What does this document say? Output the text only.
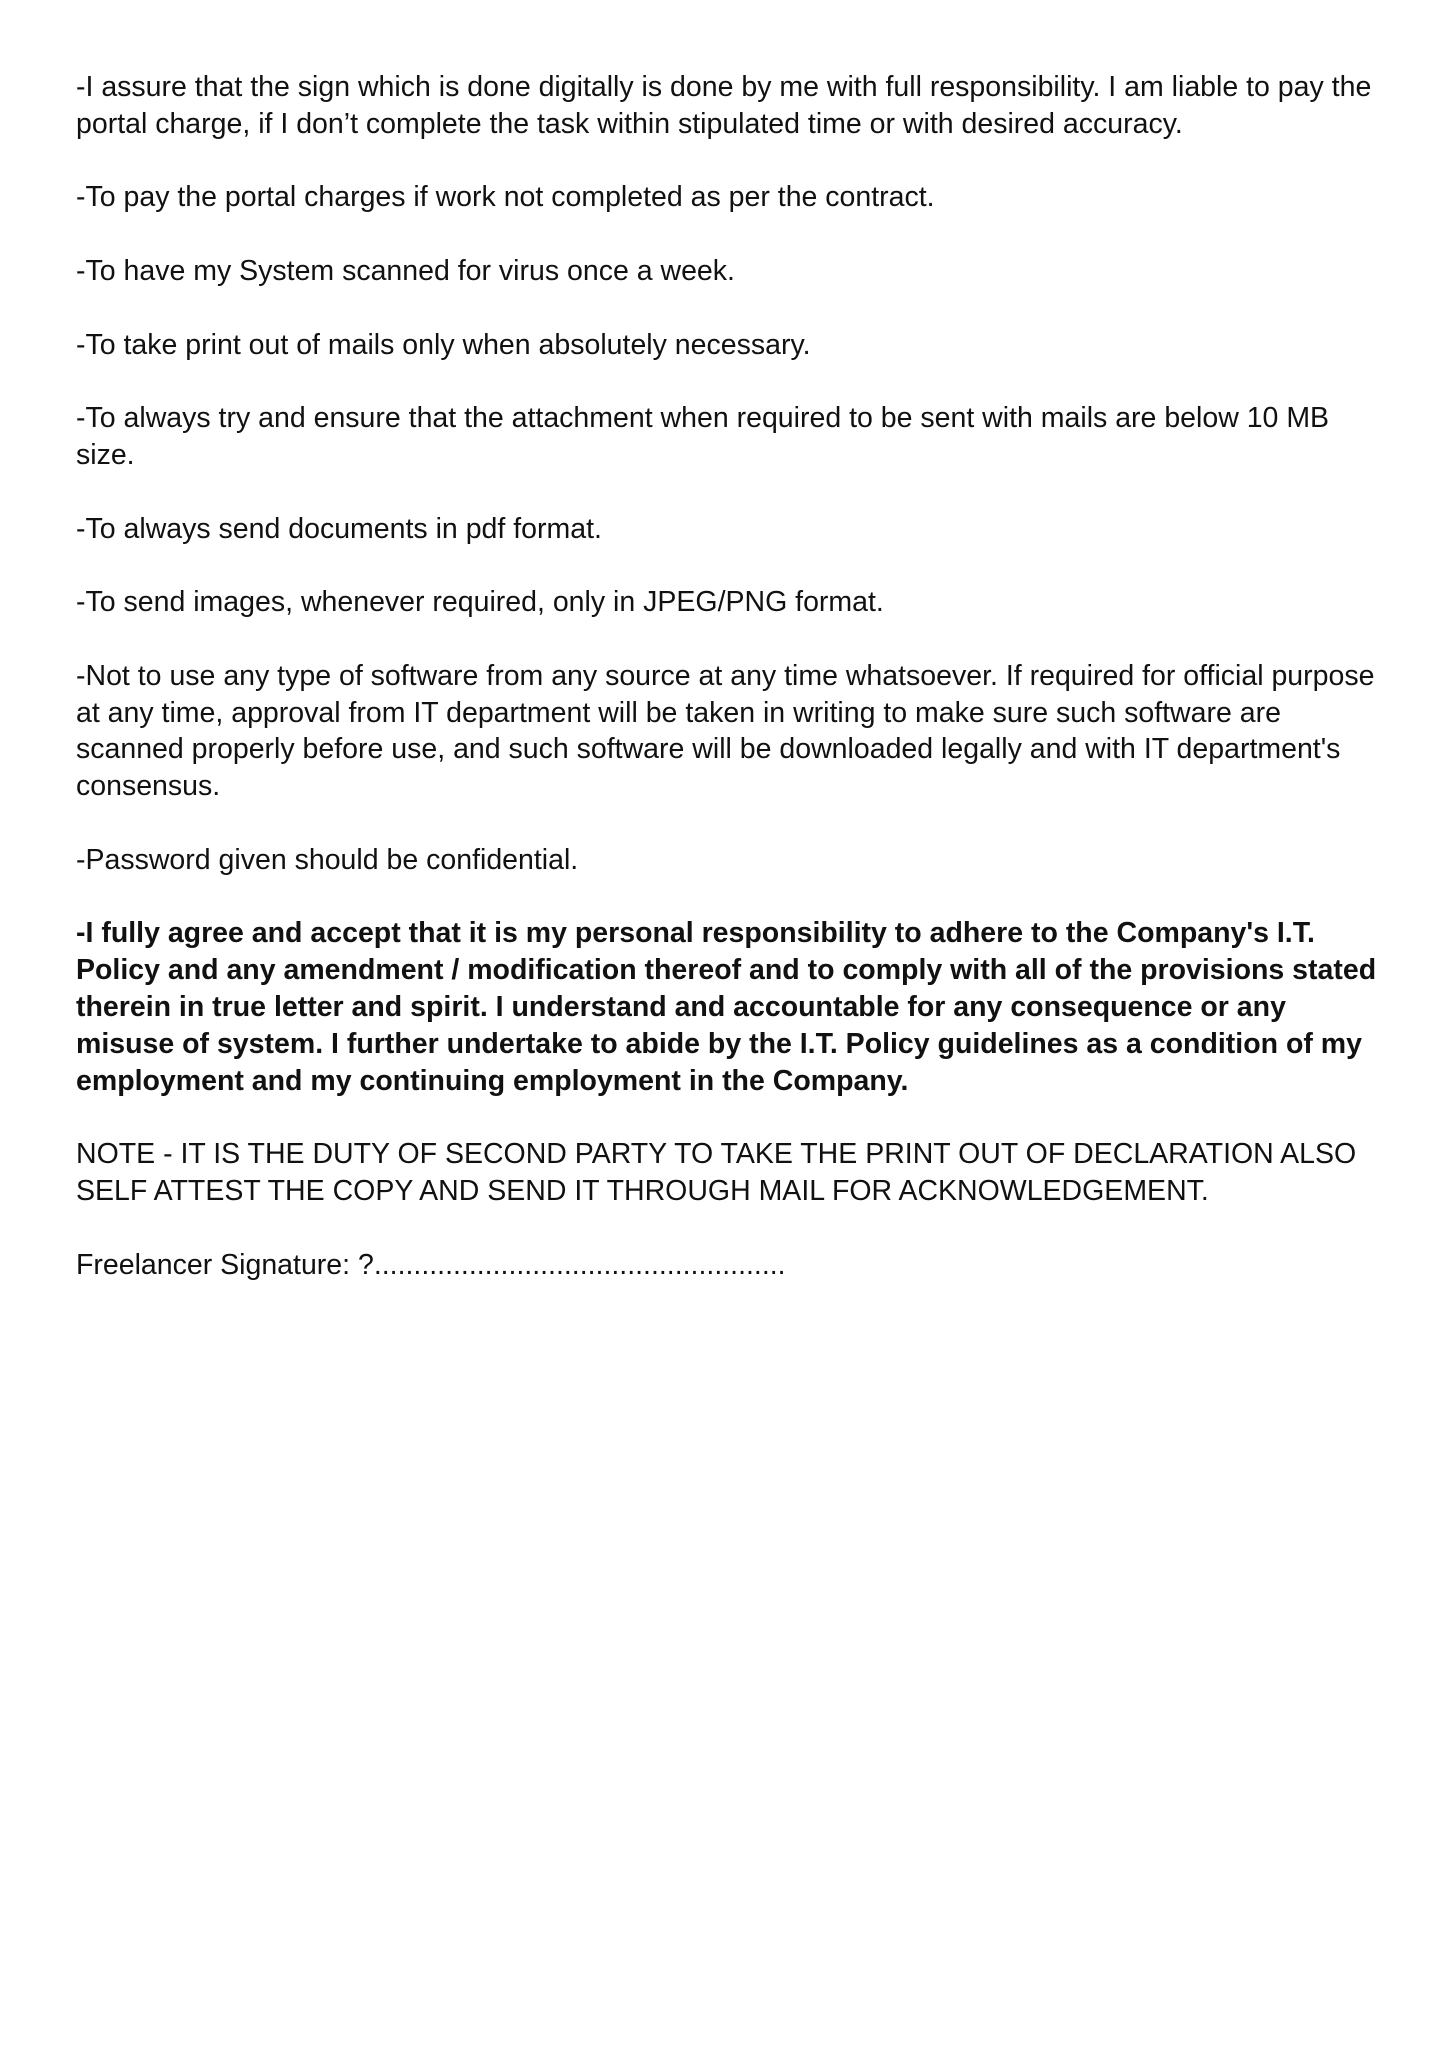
-I assure that the sign which is done digitally is done by me with full responsibility. I am liable to pay the portal charge, if I don’t complete the task within stipulated time or with desired accuracy.

-To pay the portal charges if work not completed as per the contract.

-To have my System scanned for virus once a week.

-To take print out of mails only when absolutely necessary.

-To always try and ensure that the attachment when required to be sent with mails are below 10 MB size.

-To always send documents in pdf format.

-To send images, whenever required, only in JPEG/PNG format.

-Not to use any type of software from any source at any time whatsoever. If required for official purpose at any time, approval from IT department will be taken in writing to make sure such software are scanned properly before use, and such software will be downloaded legally and with IT department's consensus.

-Password given should be confidential.

-I fully agree and accept that it is my personal responsibility to adhere to the Company's I.T. Policy and any amendment / modification thereof and to comply with all of the provisions stated therein in true letter and spirit. I understand and accountable for any consequence or any misuse of system. I further undertake to abide by the I.T. Policy guidelines as a condition of my employment and my continuing employment in the Company.

NOTE - IT IS THE DUTY OF SECOND PARTY TO TAKE THE PRINT OUT OF DECLARATION ALSO SELF ATTEST THE COPY AND SEND IT THROUGH MAIL FOR ACKNOWLEDGEMENT.

Freelancer Signature: ?....................................................
